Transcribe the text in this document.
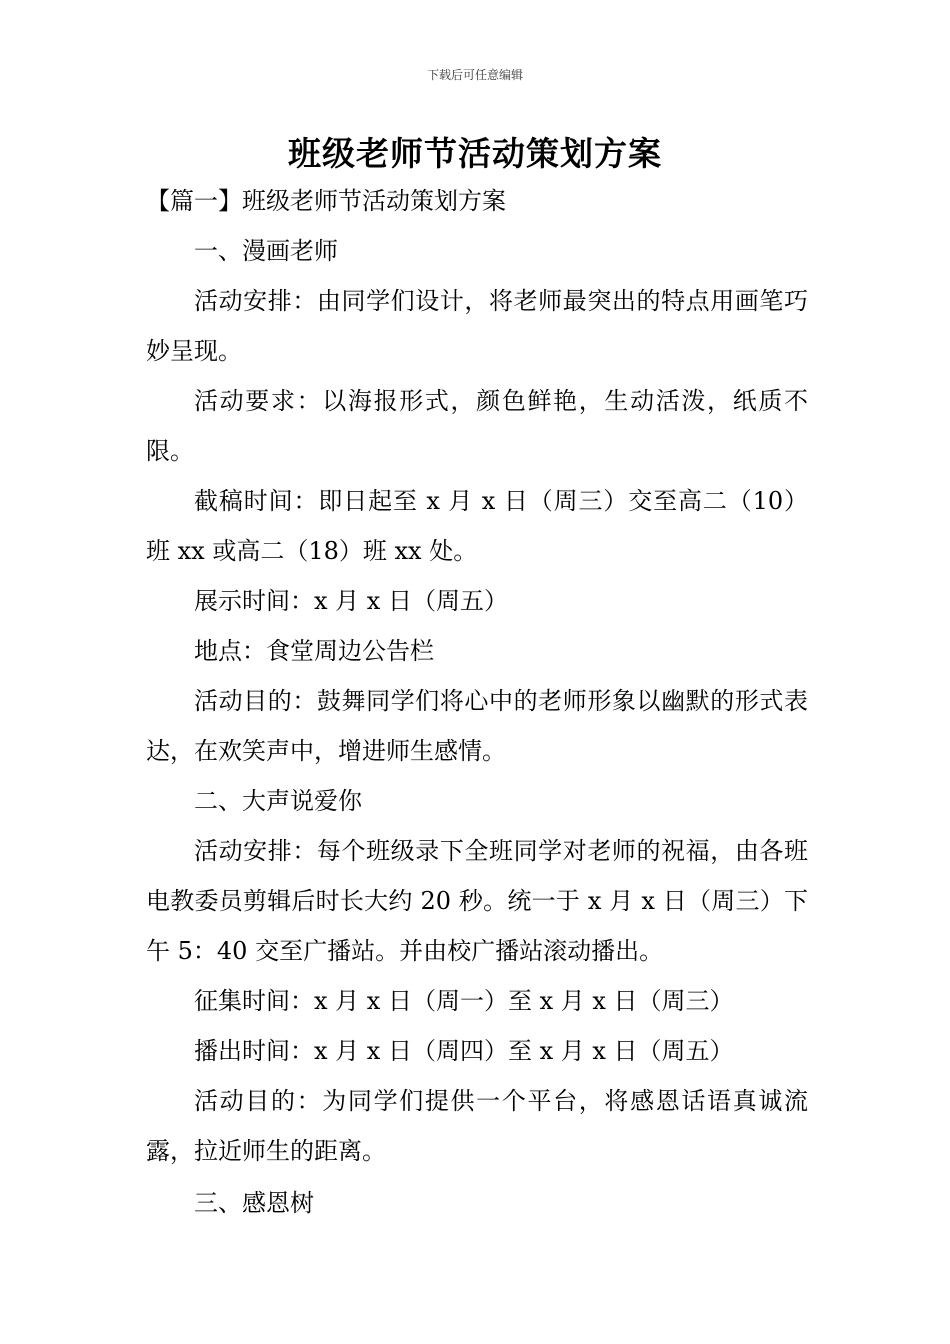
下载后可任意编辑
班级老师节活动策划方案

【篇一】班级老师节活动策划方案

一、漫画老师

活动安排：由同学们设计，将老师最突出的特点用画笔巧妙呈现。

活动要求：以海报形式，颜色鲜艳，生动活泼，纸质不限。

截稿时间：即日起至 x 月 x 日（周三）交至高二（10）班 xx 或高二（18）班 xx 处。

展示时间：x 月 x 日（周五）

地点：食堂周边公告栏

活动目的：鼓舞同学们将心中的老师形象以幽默的形式表达，在欢笑声中，增进师生感情。

二、大声说爱你

活动安排：每个班级录下全班同学对老师的祝福，由各班电教委员剪辑后时长大约 20 秒。统一于 x 月 x 日（周三）下午 5：40 交至广播站。并由校广播站滚动播出。

征集时间：x 月 x 日（周一）至 x 月 x 日（周三）

播出时间：x 月 x 日（周四）至 x 月 x 日（周五）

活动目的：为同学们提供一个平台，将感恩话语真诚流露，拉近师生的距离。

三、感恩树
